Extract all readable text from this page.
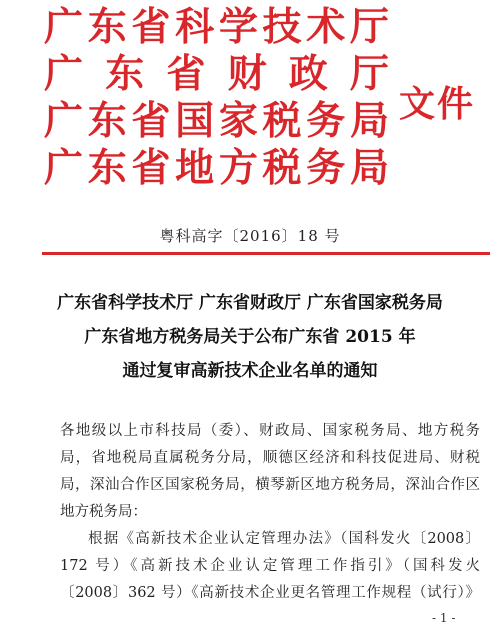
广东省科学技术厅
广东省财政厅
广东省国家税务局
广东省地方税务局
文件
粤科高字〔2016〕18 号
广东省科学技术厅 广东省财政厅 广东省国家税务局
广东省地方税务局关于公布广东省 2015 年
通过复审高新技术企业名单的通知
各地级以上市科技局（委）、财政局、国家税务局、地方税务
局，省地税局直属税务分局，顺德区经济和科技促进局、财税
局，深汕合作区国家税务局，横琴新区地方税务局，深汕合作区
地方税务局：
根据《高新技术企业认定管理办法》（国科发火〔2008〕
172 号）《高新技术企业认定管理工作指引》（国科发火
〔2008〕362 号）《高新技术企业更名管理工作规程（试行）》
- 1 -
